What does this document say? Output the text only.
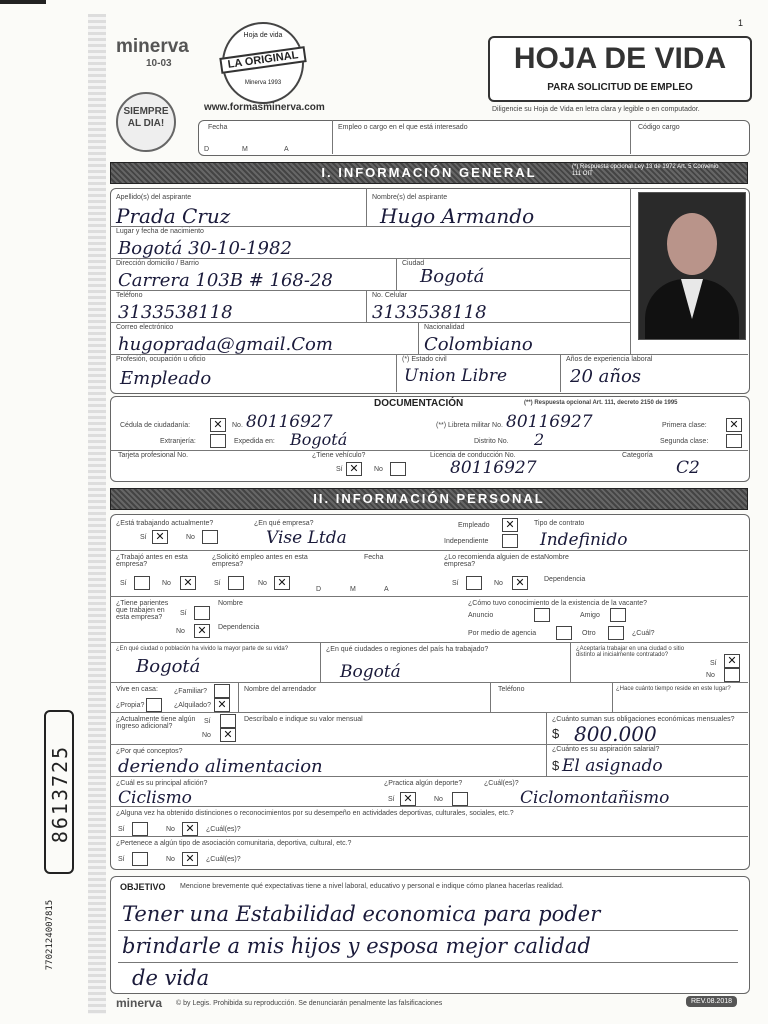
8613725
7702124007815
1
minerva
10-03
Hoja de vida
LA ORIGINAL
Minerva 1993
SIEMPRE AL DIA!
www.formasminerva.com
HOJA DE VIDA
PARA SOLICITUD DE EMPLEO
Diligencie su Hoja de Vida en letra clara y legible o en computador.
Fecha
D	M	A
Empleo o cargo en el que está interesado	Código cargo
I. INFORMACIÓN GENERAL	(*) Respuesta opcional Ley 13 de 1972 Art. 5 Convenio 111 OIT
Apellido(s) del aspirante
Prada Cruz
Nombre(s) del aspirante
Hugo Armando
Lugar y fecha de nacimiento
Bogotá 30-10-1982
Dirección domicilio / Barrio
Carrera 103B # 168-28
Ciudad
Bogotá
Teléfono
3133538118
No. Celular
3133538118
Correo electrónico
hugoprada@gmail.Com
Nacionalidad
Colombiano
Profesión, ocupación u oficio
Empleado
(*) Estado civil
Union Libre
Años de experiencia laboral
20 años
DOCUMENTACIÓN	(**) Respuesta opcional Art. 111, decreto 2150 de 1995
Cédula de ciudadanía:	✕	No. 80116927
Extranjería:	Expedida en: Bogotá
(**) Libreta militar No. 80116927
Distrito No. 2
Primera clase:	✕
Segunda clase:
Tarjeta profesional No.	¿Tiene vehículo?
Sí ✕	No
Licencia de conducción No.
80116927
Categoría
C2
II. INFORMACIÓN PERSONAL
¿Está trabajando actualmente?
Sí ✕	No
¿En qué empresa?
Vise Ltda
Empleado	✕
Independiente
Tipo de contrato
Indefinido
¿Trabajó antes en esta empresa?
Sí	No	✕
¿Solicitó empleo antes en esta empresa?
Sí	No ✕
Fecha
D	M	A
¿Lo recomienda alguien de esta empresa?
Nombre
Sí	No	✕	Dependencia
¿Tiene parientes que trabajen en esta empresa?
Sí
No	✕
Nombre
Dependencia
¿Cómo tuvo conocimiento de la existencia de la vacante?
Anuncio	Amigo
Por medio de agencia	Otro	¿Cuál?
¿En qué ciudad o población ha vivido la mayor parte de su vida?
Bogotá
¿En qué ciudades o regiones del país ha trabajado?
Bogotá
¿Aceptaría trabajar en una ciudad o sitio distinto al inicialmente contratado?
Sí ✕
No
Vive en casa: ¿Familiar?
¿Propia?	¿Alquilado? ✕
Nombre del arrendador	Teléfono	¿Hace cuánto tiempo reside en este lugar?
¿Actualmente tiene algún ingreso adicional?
Sí
No	✕
Descríbalo e indique su valor mensual	¿Cuánto suman sus obligaciones económicas mensuales?
$ 800.000
¿Por qué conceptos?
deriendo alimentacion
¿Cuánto es su aspiración salarial?
$ El asignado
¿Cuál es su principal afición?
Ciclismo
¿Practica algún deporte?	¿Cuál(es)?
Sí ✕	No	Ciclomontañismo
¿Alguna vez ha obtenido distinciones o reconocimientos por su desempeño en actividades deportivas, culturales, sociales, etc.?
Sí	No ✕	¿Cuál(es)?
¿Pertenece a algún tipo de asociación comunitaria, deportiva, cultural, etc.?
Sí	No ✕	¿Cuál(es)?
OBJETIVO Mencione brevemente qué expectativas tiene a nivel laboral, educativo y personal e indique cómo planea hacerlas realidad.
Tener una Estabilidad economica para poder
brindarle a mis hijos y esposa mejor calidad
de vida
minerva © by Legis. Prohibida su reproducción. Se denunciarán penalmente las falsificaciones	REV.08.2018
